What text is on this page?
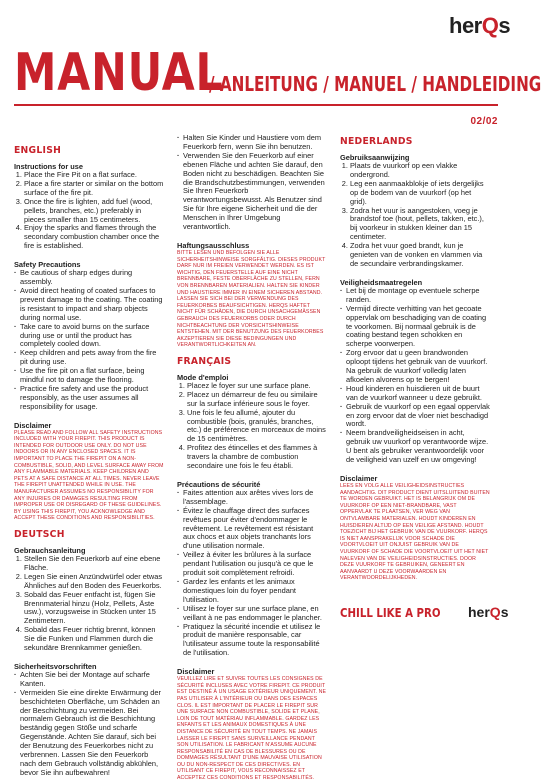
herQs
MANUAL
/ ANLEITUNG / MANUEL / HANDLEIDING
02/02
ENGLISH
Instructions for use
1. Place the Fire Pit on a flat surface.
2. Place a fire starter or similar on the bottom surface of the fire pit.
3. Once the fire is lighten, add fuel (wood, pellets, branches, etc.) preferably in pieces smaller than 15 centimeters.
4. Enjoy the sparks and flames through the secondary combustion chamber once the fire is established.
Safety Precautions
· Be cautious of sharp edges during assembly.
· Avoid direct heating of coated surfaces to prevent damage to the coating. The coating is resistant to impact and sharp objects during normal use.
· Take care to avoid burns on the surface during use or until the product has completely cooled down.
· Keep children and pets away from the fire pit during use.
· Use the fire pit on a flat surface, being mindful not to damage the flooring.
· Practice fire safety and use the product responsibly, as the user assumes all responsibility for usage.
Disclaimer

PLEASE READ AND FOLLOW ALL SAFETY INSTRUCTIONS INCLUDED WITH YOUR FIREPIT. THIS PRODUCT IS INTENDED FOR OUTDOOR USE ONLY. DO NOT USE INDOORS OR IN ANY ENCLOSED SPACES. IT IS IMPORTANT TO PLACE THE FIREPIT ON A NON-COMBUSTIBLE, SOLID, AND LEVEL SURFACE AWAY FROM ANY FLAMMABLE MATERIALS. KEEP CHILDREN AND PETS AT A SAFE DISTANCE AT ALL TIMES. NEVER LEAVE THE FIREPIT UNATTENDED WHILE IN USE. THE MANUFACTURER ASSUMES NO RESPONSIBILITY FOR ANY INJURIES OR DAMAGES RESULTING FROM IMPROPER USE OR DISREGARD OF THESE GUIDELINES. BY USING THIS FIREPIT, YOU ACKNOWLEDGE AND ACCEPT THESE CONDITIONS AND RESPONSIBILITIES.

DEUTSCH
Gebrauchsanleitung
1. Stellen Sie den Feuerkorb auf eine ebene Fläche.
2. Legen Sie einen Anzündwürfel oder etwas Ähnliches auf den Boden des Feuerkorbs.
3. Sobald das Feuer entfacht ist, fügen Sie Brennmaterial hinzu (Holz, Pellets, Äste usw.), vorzugsweise in Stücken unter 15 Zentimetern.
4. Sobald das Feuer richtig brennt, können Sie die Funken und Flammen durch die sekundäre Brennkammer genießen.
Sicherheitsvorschriften
· Achten Sie bei der Montage auf scharfe Kanten.
· Vermeiden Sie eine direkte Erwärmung der beschichteten Oberfläche, um Schäden an der Beschichtung zu vermeiden. Bei normalem Gebrauch ist die Beschichtung beständig gegen Stöße und scharfe Gegenstände. Achten Sie darauf, sich bei der Benutzung des Feuerkorbes nicht zu verbrennen. Lassen Sie den Feuerkorb nach dem Gebrauch vollständig abkühlen, bevor Sie ihn aufbewahren!
· Halten Sie Kinder und Haustiere vom dem Feuerkorb fern, wenn Sie ihn benutzen.
· Verwenden Sie den Feuerkorb auf einer ebenen Fläche und achten Sie darauf, den Boden nicht zu beschädigen. Beachten Sie die Brandschutzbestimmungen, verwenden Sie Ihren Feuerkorb verantwortungsbewusst. Als Benutzer sind Sie für Ihre eigene Sicherheit und die der Menschen in Ihrer Umgebung verantwortlich.
Haftungsausschluss

BITTE LESEN UND BEFOLGEN SIE ALLE SICHERHEITSHINWEISE SORGFÄLTIG. DIESES PRODUKT DARF NUR IM FREIEN VERWENDET WERDEN. ES IST WICHTIG, DEN FEUERSTELLE AUF EINE NICHT BRENNBARE, FESTE OBERFLÄCHE ZU STELLEN, FERN VON BRENNBAREN MATERIALIEN. HALTEN SIE KINDER UND HAUSTIERE IMMER IN EINEM SICHEREN ABSTAND. LASSEN SIE SICH BEI DER VERWENDUNG DES FEUERKORBES BEAUFSICHTIGEN. HERQS HAFTET NICHT FÜR SCHÄDEN, DIE DURCH UNSACHGEMÄSSEN GEBRAUCH DES FEUERKORBS ODER DURCH NICHTBEACHTUNG DER VORSICHTSHINWEISE ENTSTEHEN. MIT DER BENUTZUNG DES FEUERKORBES AKZEPTIEREN SIE DIESE BEDINGUNGEN UND VERANTWORTLICHKEITEN AN.

FRANÇAIS
Mode d'emploi
1. Placez le foyer sur une surface plane.
2. Placez un démarreur de feu ou similaire sur la surface inférieure sous le foyer.
3. Une fois le feu allumé, ajouter du combustible (bois, granulés, branches, etc.) de préférence en morceaux de moins de 15 centimètres.
4. Profitez des étincelles et des flammes à travers la chambre de combustion secondaire une fois le feu établi.
Précautions de sécurité
· Faites attention aux arêtes vives lors de l'assemblage.
· Évitez le chauffage direct des surfaces revêtues pour éviter d'endommager le revêtement. Le revêtement est résistant aux chocs et aux objets tranchants lors d'une utilisation normale.
· Veillez à éviter les brûlures à la surface pendant l'utilisation ou jusqu'à ce que le produit soit complètement refroidi.
· Gardez les enfants et les animaux domestiques loin du foyer pendant l'utilisation.
· Utilisez le foyer sur une surface plane, en veillant à ne pas endommager le plancher.
· Pratiquez la sécurité incendie et utilisez le produit de manière responsable, car l'utilisateur assume toute la responsabilité de l'utilisation.
Disclaimer

VEUILLEZ LIRE ET SUIVRE TOUTES LES CONSIGNES DE SÉCURITÉ INCLUSES AVEC VOTRE FIREPIT. CE PRODUIT EST DESTINÉ À UN USAGE EXTÉRIEUR UNIQUEMENT. NE PAS UTILISER À L'INTÉRIEUR OU DANS DES ESPACES CLOS. IL EST IMPORTANT DE PLACER LE FIREPIT SUR UNE SURFACE NON COMBUSTIBLE, SOLIDE ET PLANE, LOIN DE TOUT MATÉRIAU INFLAMMABLE. GARDEZ LES ENFANTS ET LES ANIMAUX DOMESTIQUES À UNE DISTANCE DE SÉCURITÉ EN TOUT TEMPS. NE JAMAIS LAISSER LE FIREPIT SANS SURVEILLANCE PENDANT SON UTILISATION. LE FABRICANT N'ASSUME AUCUNE RESPONSABILITÉ EN CAS DE BLESSURES OU DE DOMMAGES RÉSULTANT D'UNE MAUVAISE UTILISATION OU DU NON-RESPECT DE CES DIRECTIVES. EN UTILISANT CE FIREPIT, VOUS RECONNAISSEZ ET ACCEPTEZ CES CONDITIONS ET RESPONSABILITÉS.

NEDERLANDS
Gebruiksaanwijzing
1. Plaats de vuurkorf op een vlakke ondergrond.
2. Leg een aanmaakblokje of iets dergelijks op de bodem van de vuurkorf (op het grid).
3. Zodra het vuur is aangestoken, voeg je brandstof toe (hout, pellets, takken, etc.), bij voorkeur in stukken kleiner dan 15 centimeter.
4. Zodra het vuur goed brandt, kun je genieten van de vonken en vlammen via de secundaire verbrandingskamer.
Veiligheidsmaatregelen
· Let bij de montage op eventuele scherpe randen.
· Vermijd directe verhitting van het gecoate oppervlak om beschadiging van de coating te voorkomen. Bij normaal gebruik is de coating bestand tegen schokken en scherpe voorwerpen.
· Zorg ervoor dat u geen brandwonden oploopt tijdens het gebruik van de vuurkorf. Na gebruik de vuurkorf volledig laten afkoelen alvorens op te bergen!
· Houd kinderen en huisdieren uit de buurt van de vuurkorf wanneer u deze gebruikt.
· Gebruik de vuurkorf op een egaal oppervlak en zorg ervoor dat de vloer niet beschadigd wordt.
· Neem brandveiligheidseisen in acht, gebruik uw vuurkorf op verantwoorde wijze. U bent als gebruiker verantwoordelijk voor de veiligheid van uzelf en uw omgeving!
Disclaimer

LEES EN VOLG ALLE VEILIGHEIDSINSTRUCTIES AANDACHTIG. DIT PRODUCT DIENT UITSLUITEND BUITEN TE WORDEN GEBRUIKT. HET IS BELANGRIJK OM DE VUURKORF OP EEN NIET-BRANDBARE, VAST OPPERVLAK TE PLAATSEN, VER WEG VAN ONTVLAMBARE MATERIALEN. HOUDT KINDEREN EN HUISDIEREN ALTIJD OP EEN VEILIGE AFSTAND. HOUDT TOEZICHT BIJ HET GEBRUIK VAN DE VUURKORF. HERQS IS NIET AANSPRAKELIJK VOOR SCHADE DIE VOORTVLOEIT UIT ONJUIST GEBRUIK VAN DE VUURKORF OF SCHADE DIE VOORTVLOEIT UIT HET NIET NALEVEN VAN DE VEILIGHEIDSINSTRUCTIES. DOOR DEZE VUURKORF TE GEBRUIKEN, GENEERT EN AANVAARDT U DEZE VOORWAARDEN EN VERANTWOORDELIJKHEDEN.

CHILL LIKE A PRO herQs
